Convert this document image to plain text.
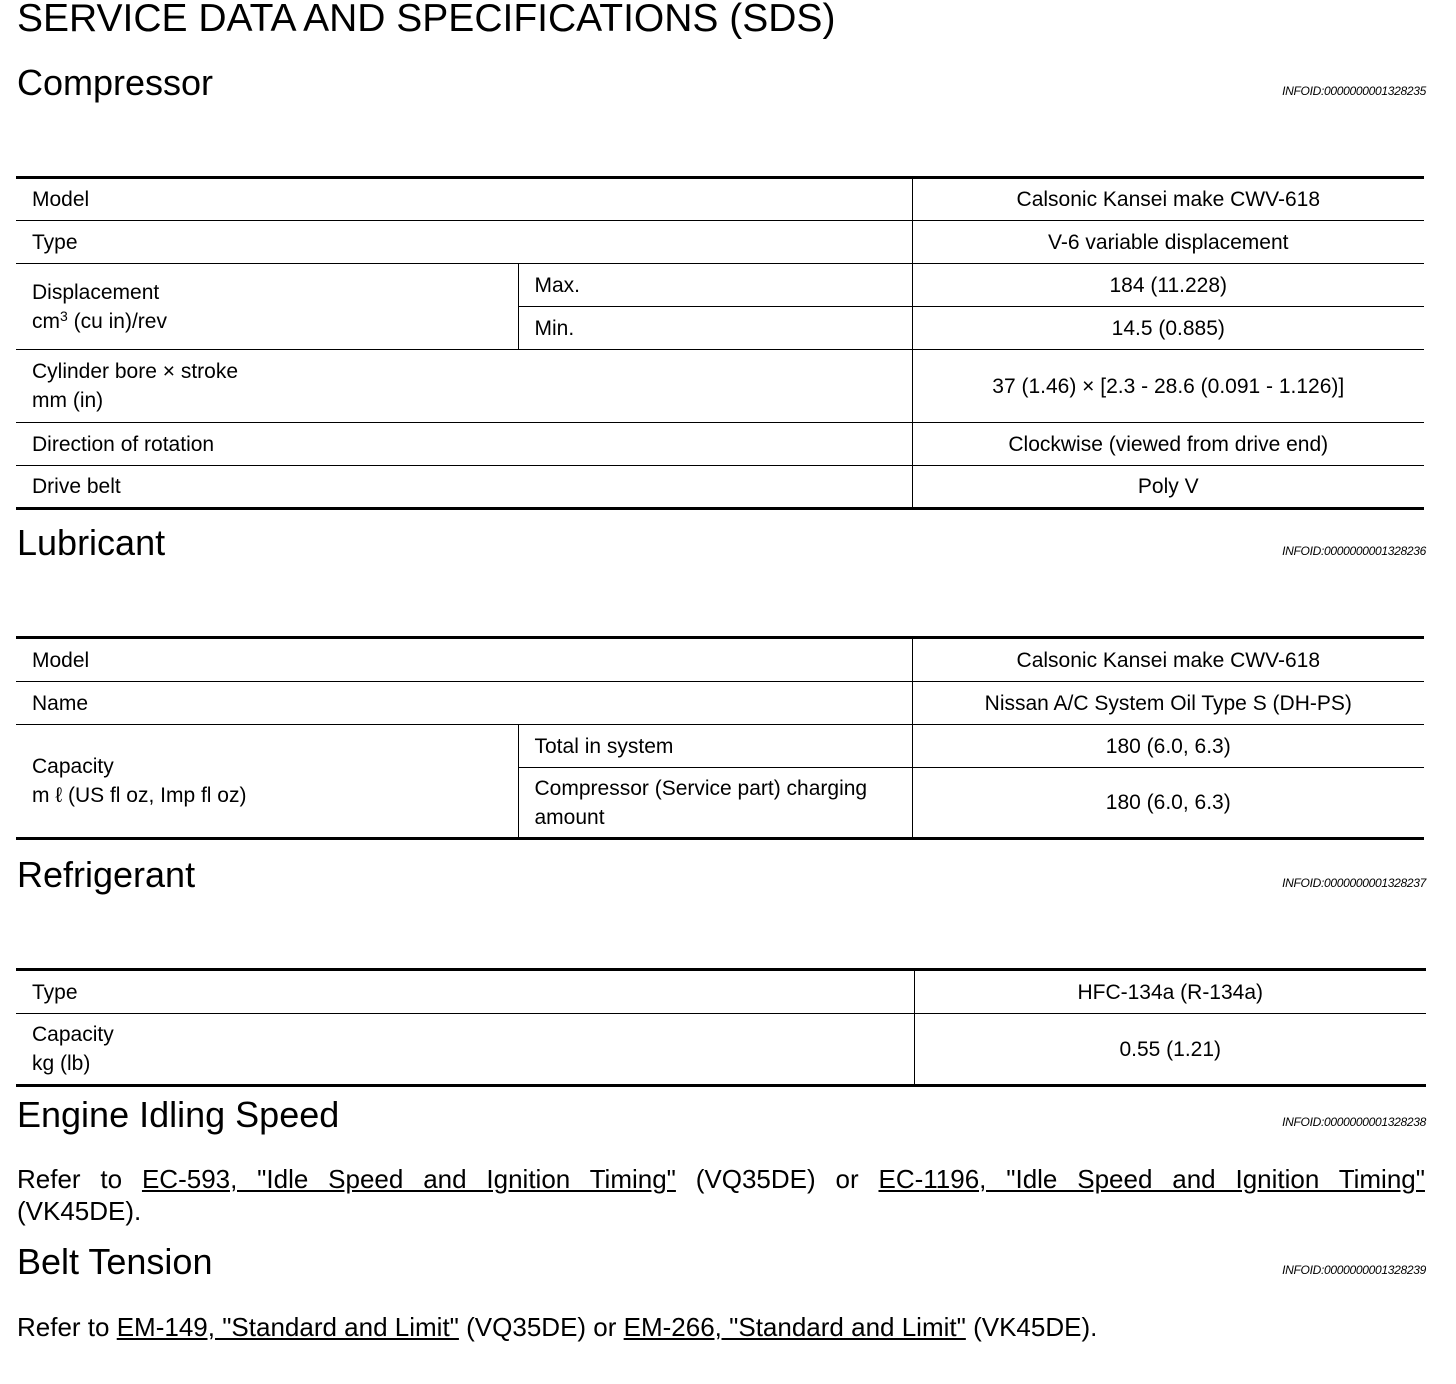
SERVICE DATA AND SPECIFICATIONS (SDS)
Compressor	INFOID:0000000001328235
Model		Calsonic Kansei make CWV-618
Type		V-6 variable displacement

Displacement
$cm^3$ (cu in)/rev	Max.	184 (11.228)
	Min.	14.5 (0.885)

Cylinder bore × stroke
mm (in)		37 (1.46) × [2.3 - 28.6 (0.091 - 1.126)]
Direction of rotation		Clockwise (viewed from drive end)
Drive belt		Poly V
Lubricant	INFOID:0000000001328236
Model		Calsonic Kansei make CWV-618
Name		Nissan A/C System Oil Type S (DH-PS)

Capacity
m ℓ (US fl oz, Imp fl oz)	Total in system	180 (6.0, 6.3)

	Compressor (Service part) charging
amount	180 (6.0, 6.3)
Refrigerant	INFOID:0000000001328237
Type	HFC-134a (R-134a)

Capacity
kg (lb)	0.55 (1.21)
Engine Idling Speed	INFOID:0000000001328238
Refer to EC-593, "Idle Speed and Ignition Timing" (VQ35DE) or EC-1196, "Idle Speed and Ignition Timing"
(VK45DE).
Belt Tension	INFOID:0000000001328239
Refer to EM-149, "Standard and Limit" (VQ35DE) or EM-266, "Standard and Limit" (VK45DE).
